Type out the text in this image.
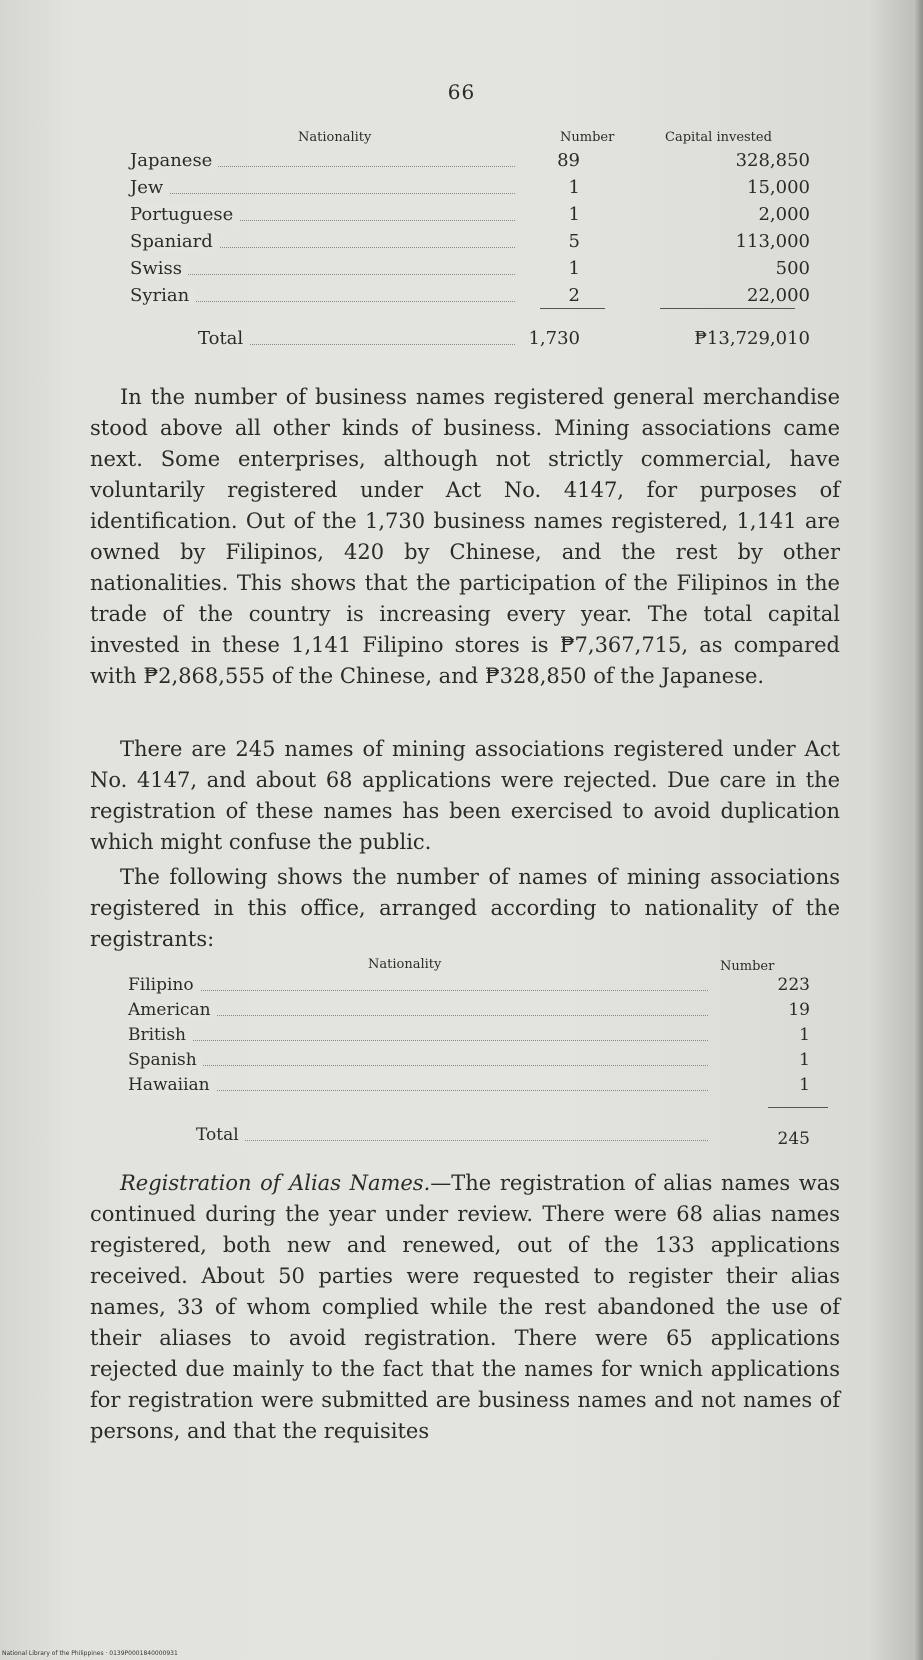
66
Nationality	Number	Capital invested
Japanese	89	328,850
Jew	1	15,000
Portuguese	1	2,000
Spaniard	5	113,000
Swiss	1	500
Syrian	2	22,000
Total	1,730	₱13,729,010
In the number of business names registered general merchandise stood above all other kinds of business. Mining associations came next. Some enterprises, although not strictly commercial, have voluntarily registered under Act No. 4147, for purposes of identification. Out of the 1,730 business names registered, 1,141 are owned by Filipinos, 420 by Chinese, and the rest by other nationalities. This shows that the participation of the Filipinos in the trade of the country is increasing every year. The total capital invested in these 1,141 Filipino stores is ₱7,367,715, as compared with ₱2,868,555 of the Chinese, and ₱328,850 of the Japanese.
There are 245 names of mining associations registered under Act No. 4147, and about 68 applications were rejected. Due care in the registration of these names has been exercised to avoid duplication which might confuse the public.
The following shows the number of names of mining associations registered in this office, arranged according to nationality of the registrants:
Nationality	Number
Filipino	223
American	19
British	1
Spanish	1
Hawaiian	1
Total	245
Registration of Alias Names.—The registration of alias names was continued during the year under review. There were 68 alias names registered, both new and renewed, out of the 133 applications received. About 50 parties were requested to register their alias names, 33 of whom complied while the rest abandoned the use of their aliases to avoid registration. There were 65 applications rejected due mainly to the fact that the names for wnich applications for registration were submitted are business names and not names of persons, and that the requisites
National Library of the Philippines · 0139P0001840000931
